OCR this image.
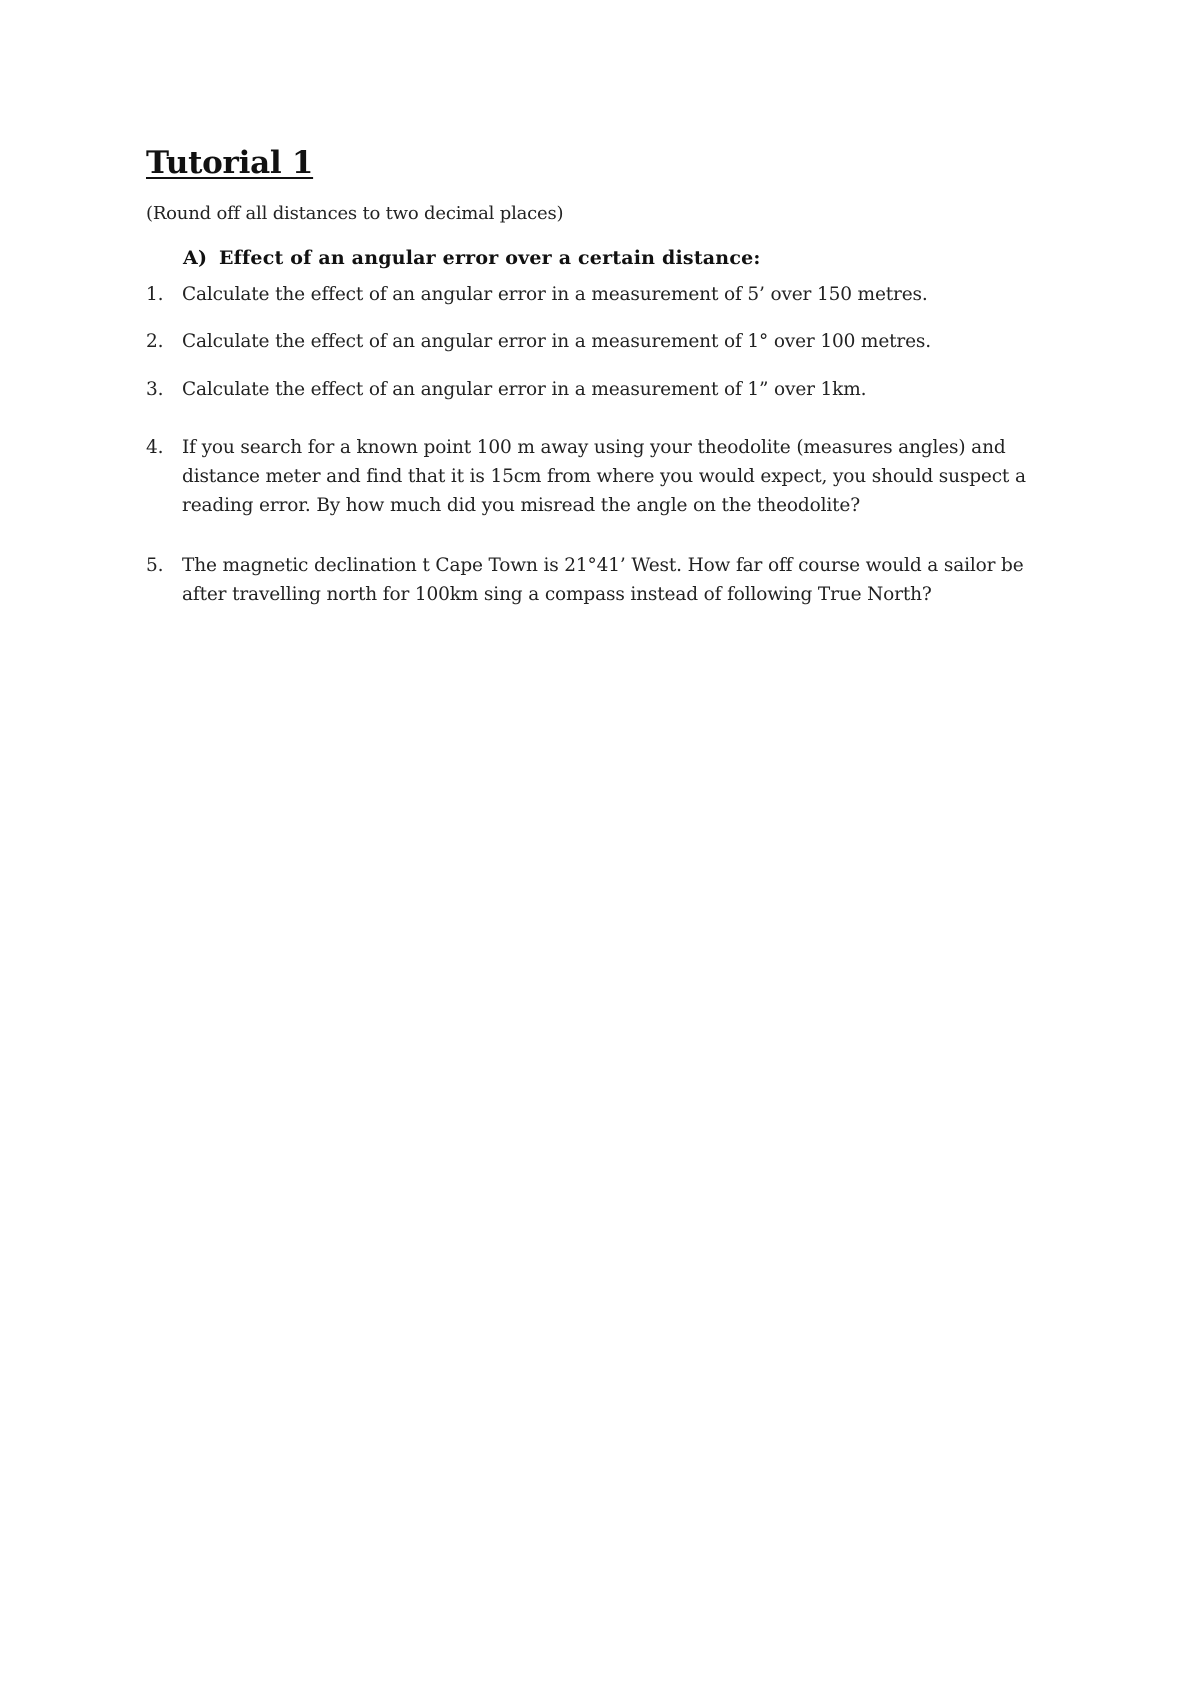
Tutorial 1

(Round off all distances to two decimal places)

A) Effect of an angular error over a certain distance:
1.	Calculate the effect of an angular error in a measurement of 5’ over 150 metres.
2.	Calculate the effect of an angular error in a measurement of 1° over 100 metres.
3.	Calculate the effect of an angular error in a measurement of 1” over 1km.
4.	If you search for a known point 100 m away using your theodolite (measures angles) and distance meter and find that it is 15cm from where you would expect, you should suspect a reading error. By how much did you misread the angle on the theodolite?
5.	The magnetic declination t Cape Town is 21°41’ West. How far off course would a sailor be after travelling north for 100km sing a compass instead of following True North?
